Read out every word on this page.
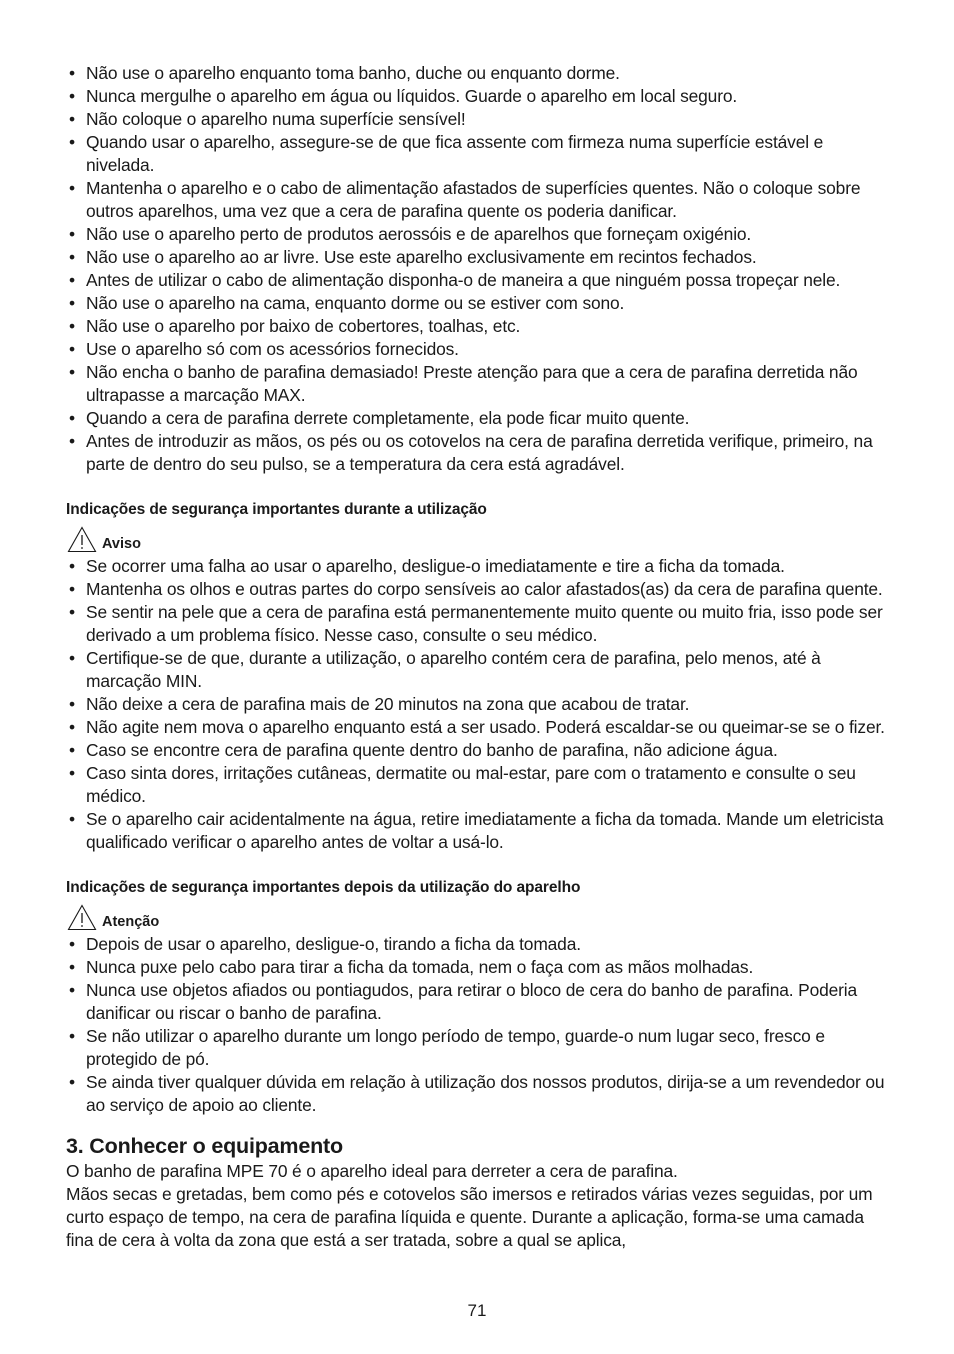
• Não use o aparelho enquanto toma banho, duche ou enquanto dorme.
• Nunca mergulhe o aparelho em água ou líquidos. Guarde o aparelho em local seguro.
• Não coloque o aparelho numa superfície sensível!
• Quando usar o aparelho, assegure-se de que fica assente com firmeza numa superfície estável e nivelada.
• Mantenha o aparelho e o cabo de alimentação afastados de superfícies quentes. Não o coloque sobre outros aparelhos, uma vez que a cera de parafina quente os poderia danificar.
• Não use o aparelho perto de produtos aerossóis e de aparelhos que forneçam oxigénio.
• Não use o aparelho ao ar livre. Use este aparelho exclusivamente em recintos fechados.
• Antes de utilizar o cabo de alimentação disponha-o de maneira a que ninguém possa tropeçar nele.
• Não use o aparelho na cama, enquanto dorme ou se estiver com sono.
• Não use o aparelho por baixo de cobertores, toalhas, etc.
• Use o aparelho só com os acessórios fornecidos.
• Não encha o banho de parafina demasiado! Preste atenção para que a cera de parafina derretida não ultrapasse a marcação MAX.
• Quando a cera de parafina derrete completamente, ela pode ficar muito quente.
• Antes de introduzir as mãos, os pés ou os cotovelos na cera de parafina derretida verifique, primeiro, na parte de dentro do seu pulso, se a temperatura da cera está agradável.
Indicações de segurança importantes durante a utilização
Aviso
• Se ocorrer uma falha ao usar o aparelho, desligue-o imediatamente e tire a ficha da tomada.
• Mantenha os olhos e outras partes do corpo sensíveis ao calor afastados(as) da cera de parafina quente.
• Se sentir na pele que a cera de parafina está permanentemente muito quente ou muito fria, isso pode ser derivado a um problema físico. Nesse caso, consulte o seu médico.
• Certifique-se de que, durante a utilização, o aparelho contém cera de parafina, pelo menos, até à marcação MIN.
• Não deixe a cera de parafina mais de 20 minutos na zona que acabou de tratar.
• Não agite nem mova o aparelho enquanto está a ser usado. Poderá escaldar-se ou queimar-se se o fizer.
• Caso se encontre cera de parafina quente dentro do banho de parafina, não adicione água.
• Caso sinta dores, irritações cutâneas, dermatite ou mal-estar, pare com o tratamento e consulte o seu médico.
• Se o aparelho cair acidentalmente na água, retire imediatamente a ficha da tomada. Mande um eletricista qualificado verificar o aparelho antes de voltar a usá-lo.
Indicações de segurança importantes depois da utilização do aparelho
Atenção
• Depois de usar o aparelho, desligue-o, tirando a ficha da tomada.
• Nunca puxe pelo cabo para tirar a ficha da tomada, nem o faça com as mãos molhadas.
• Nunca use objetos afiados ou pontiagudos, para retirar o bloco de cera do banho de parafina. Poderia danificar ou riscar o banho de parafina.
• Se não utilizar o aparelho durante um longo período de tempo, guarde-o num lugar seco, fresco e protegido de pó.
• Se ainda tiver qualquer dúvida em relação à utilização dos nossos produtos, dirija-se a um revendedor ou ao serviço de apoio ao cliente.
3. Conhecer o equipamento

O banho de parafina MPE 70 é o aparelho ideal para derreter a cera de parafina.

Mãos secas e gretadas, bem como pés e cotovelos são imersos e retirados várias vezes seguidas, por um curto espaço de tempo, na cera de parafina líquida e quente. Durante a aplicação, forma-se uma camada fina de cera à volta da zona que está a ser tratada, sobre a qual se aplica,

71
